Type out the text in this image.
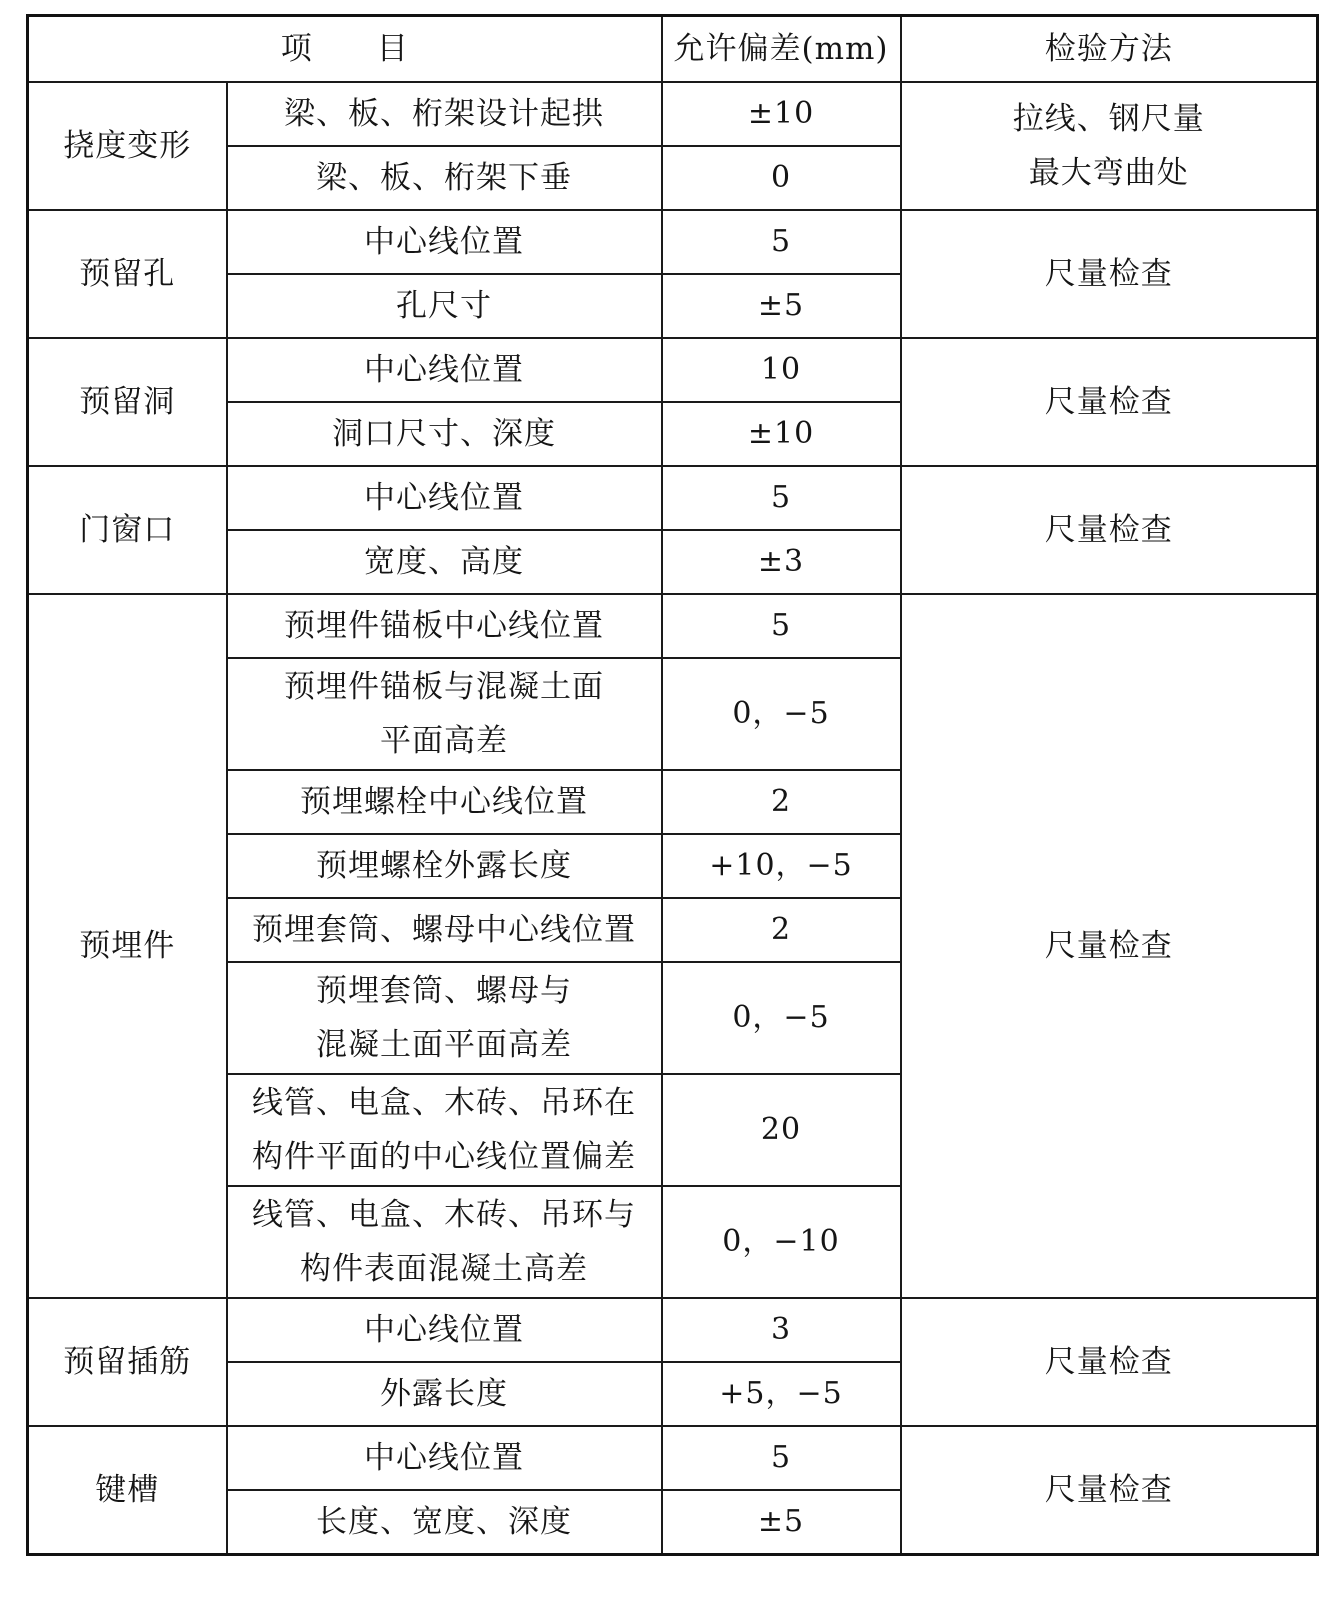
项　　目		允许偏差(mm)	检验方法
挠度变形	梁、板、桁架设计起拱	±10	拉线、钢尺量
最大弯曲处
	梁、板、桁架下垂	0	
预留孔	中心线位置	5	尺量检查
	孔尺寸	±5	
预留洞	中心线位置	10	尺量检查
	洞口尺寸、深度	±10	
门窗口	中心线位置	5	尺量检查
	宽度、高度	±3	
预埋件	预埋件锚板中心线位置	5	尺量检查
	预埋件锚板与混凝土面
平面高差	0，−5	
	预埋螺栓中心线位置	2	
	预埋螺栓外露长度	+10，−5	
	预埋套筒、螺母中心线位置	2	
	预埋套筒、螺母与
混凝土面平面高差	0，−5	
	线管、电盒、木砖、吊环在
构件平面的中心线位置偏差	20	
	线管、电盒、木砖、吊环与
构件表面混凝土高差	0，−10	
预留插筋	中心线位置	3	尺量检查
	外露长度	+5，−5	
键槽	中心线位置	5	尺量检查
	长度、宽度、深度	±5	
